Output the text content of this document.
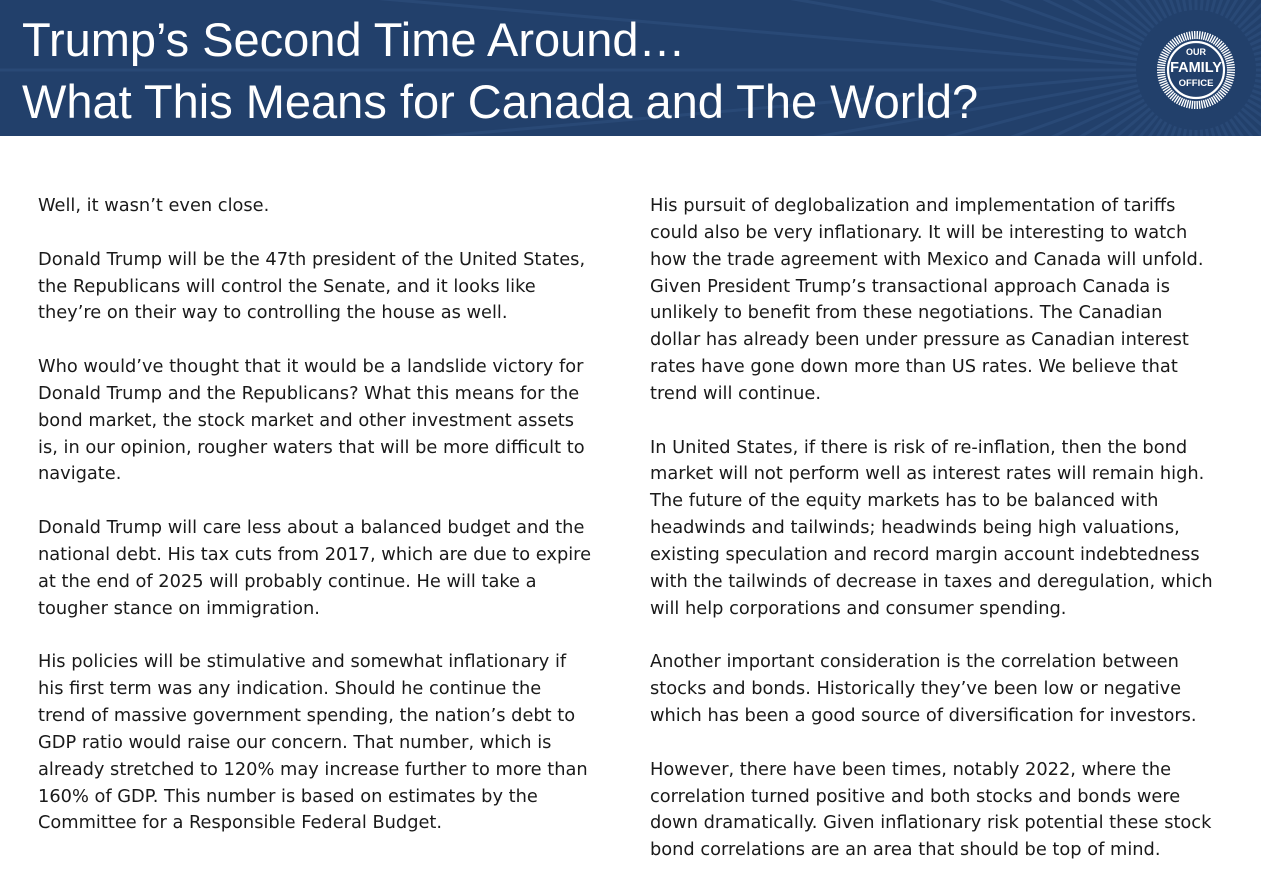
Trump’s Second Time Around…
What This Means for Canada and The World?
OUR
FAMILY
OFFICE

Well, it wasn’t even close.

Donald Trump will be the 47th president of the United States,
the Republicans will control the Senate, and it looks like
they’re on their way to controlling the house as well.

Who would’ve thought that it would be a landslide victory for
Donald Trump and the Republicans? What this means for the
bond market, the stock market and other investment assets
is, in our opinion, rougher waters that will be more difficult to
navigate.

Donald Trump will care less about a balanced budget and the
national debt. His tax cuts from 2017, which are due to expire
at the end of 2025 will probably continue. He will take a
tougher stance on immigration.

His policies will be stimulative and somewhat inflationary if
his first term was any indication. Should he continue the
trend of massive government spending, the nation’s debt to
GDP ratio would raise our concern. That number, which is
already stretched to 120% may increase further to more than
160% of GDP. This number is based on estimates by the
Committee for a Responsible Federal Budget.

His pursuit of deglobalization and implementation of tariffs
could also be very inflationary. It will be interesting to watch
how the trade agreement with Mexico and Canada will unfold.
Given President Trump’s transactional approach Canada is
unlikely to benefit from these negotiations. The Canadian
dollar has already been under pressure as Canadian interest
rates have gone down more than US rates. We believe that
trend will continue.

In United States, if there is risk of re-inflation, then the bond
market will not perform well as interest rates will remain high.
The future of the equity markets has to be balanced with
headwinds and tailwinds; headwinds being high valuations,
existing speculation and record margin account indebtedness
with the tailwinds of decrease in taxes and deregulation, which
will help corporations and consumer spending.

Another important consideration is the correlation between
stocks and bonds. Historically they’ve been low or negative
which has been a good source of diversification for investors.

However, there have been times, notably 2022, where the
correlation turned positive and both stocks and bonds were
down dramatically. Given inflationary risk potential these stock
bond correlations are an area that should be top of mind.
